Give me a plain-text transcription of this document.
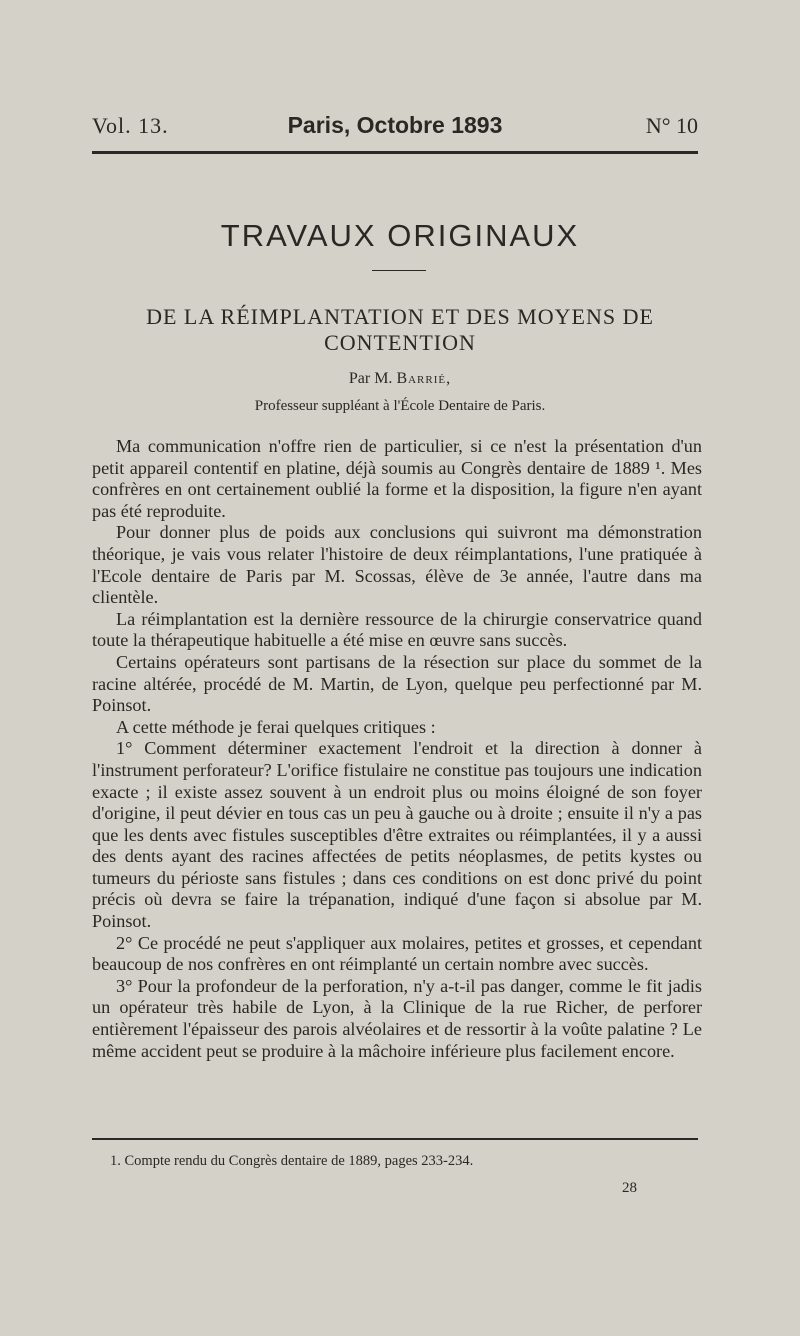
Vol. 13.	Paris, Octobre 1893	N° 10
TRAVAUX ORIGINAUX
DE LA RÉIMPLANTATION ET DES MOYENS DE CONTENTION
Par M. Barrié,
Professeur suppléant à l'École Dentaire de Paris.

Ma communication n'offre rien de particulier, si ce n'est la présentation d'un petit appareil contentif en platine, déjà soumis au Congrès dentaire de 1889 ¹. Mes confrères en ont certainement oublié la forme et la disposition, la figure n'en ayant pas été reproduite.

Pour donner plus de poids aux conclusions qui suivront ma démonstration théorique, je vais vous relater l'histoire de deux réimplantations, l'une pratiquée à l'Ecole dentaire de Paris par M. Scossas, élève de 3e année, l'autre dans ma clientèle.

La réimplantation est la dernière ressource de la chirurgie conservatrice quand toute la thérapeutique habituelle a été mise en œuvre sans succès.

Certains opérateurs sont partisans de la résection sur place du sommet de la racine altérée, procédé de M. Martin, de Lyon, quelque peu perfectionné par M. Poinsot.

A cette méthode je ferai quelques critiques :

1° Comment déterminer exactement l'endroit et la direction à donner à l'instrument perforateur? L'orifice fistulaire ne constitue pas toujours une indication exacte ; il existe assez souvent à un endroit plus ou moins éloigné de son foyer d'origine, il peut dévier en tous cas un peu à gauche ou à droite ; ensuite il n'y a pas que les dents avec fistules susceptibles d'être extraites ou réimplantées, il y a aussi des dents ayant des racines affectées de petits néoplasmes, de petits kystes ou tumeurs du périoste sans fistules ; dans ces conditions on est donc privé du point précis où devra se faire la trépanation, indiqué d'une façon si absolue par M. Poinsot.

2° Ce procédé ne peut s'appliquer aux molaires, petites et grosses, et cependant beaucoup de nos confrères en ont réimplanté un certain nombre avec succès.

3° Pour la profondeur de la perforation, n'y a-t-il pas danger, comme le fit jadis un opérateur très habile de Lyon, à la Clinique de la rue Richer, de perforer entièrement l'épaisseur des parois alvéolaires et de ressortir à la voûte palatine ? Le même accident peut se produire à la mâchoire inférieure plus facilement encore.

1. Compte rendu du Congrès dentaire de 1889, pages 233-234.
28
